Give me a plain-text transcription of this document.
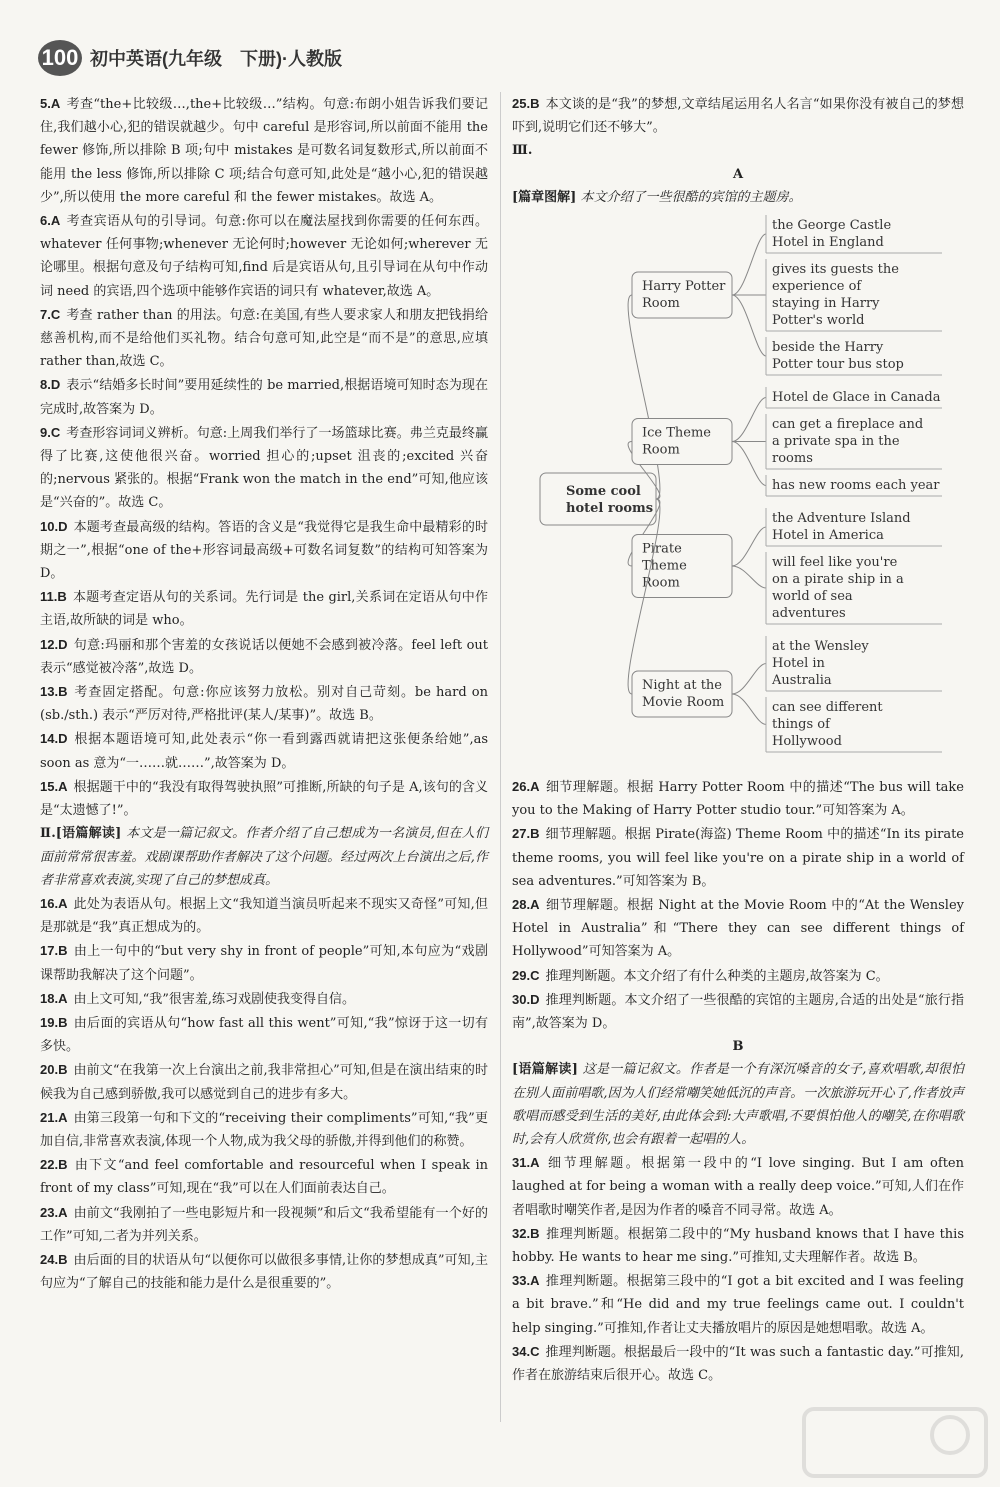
100 初中英语(九年级　下册)·人教版

5.A 考查“the+比较级…,the+比较级…”结构。句意:布朗小姐告诉我们要记住,我们越小心,犯的错误就越少。句中 careful 是形容词,所以前面不能用 the fewer 修饰,所以排除 B 项;句中 mistakes 是可数名词复数形式,所以前面不能用 the less 修饰,所以排除 C 项;结合句意可知,此处是“越小心,犯的错误越少”,所以使用 the more careful 和 the fewer mistakes。故选 A。

6.A 考查宾语从句的引导词。句意:你可以在魔法屋找到你需要的任何东西。whatever 任何事物;whenever 无论何时;however 无论如何;wherever 无论哪里。根据句意及句子结构可知,find 后是宾语从句,且引导词在从句中作动词 need 的宾语,四个选项中能够作宾语的词只有 whatever,故选 A。

7.C 考查 rather than 的用法。句意:在美国,有些人要求家人和朋友把钱捐给慈善机构,而不是给他们买礼物。结合句意可知,此空是“而不是”的意思,应填 rather than,故选 C。

8.D 表示“结婚多长时间”要用延续性的 be married,根据语境可知时态为现在完成时,故答案为 D。

9.C 考查形容词词义辨析。句意:上周我们举行了一场篮球比赛。弗兰克最终赢得了比赛,这使他很兴奋。worried 担心的;upset 沮丧的;excited 兴奋的;nervous 紧张的。根据“Frank won the match in the end”可知,他应该是“兴奋的”。故选 C。

10.D 本题考查最高级的结构。答语的含义是“我觉得它是我生命中最精彩的时期之一”,根据“one of the+形容词最高级+可数名词复数”的结构可知答案为 D。

11.B 本题考查定语从句的关系词。先行词是 the girl,关系词在定语从句中作主语,故所缺的词是 who。

12.D 句意:玛丽和那个害羞的女孩说话以便她不会感到被冷落。feel left out 表示“感觉被冷落”,故选 D。

13.B 考查固定搭配。句意:你应该努力放松。别对自己苛刻。be hard on (sb./sth.) 表示“严厉对待,严格批评(某人/某事)”。故选 B。

14.D 根据本题语境可知,此处表示“你一看到露西就请把这张便条给她”,as soon as 意为“一……就……”,故答案为 D。

15.A 根据题干中的“我没有取得驾驶执照”可推断,所缺的句子是 A,该句的含义是“太遗憾了!”。

Ⅱ.[语篇解读] 本文是一篇记叙文。作者介绍了自己想成为一名演员,但在人们面前常常很害羞。戏剧课帮助作者解决了这个问题。经过两次上台演出之后,作者非常喜欢表演,实现了自己的梦想成真。

16.A 此处为表语从句。根据上文“我知道当演员听起来不现实又奇怪”可知,但是那就是“我”真正想成为的。

17.B 由上一句中的“but very shy in front of people”可知,本句应为“戏剧课帮助我解决了这个问题”。

18.A 由上文可知,“我”很害羞,练习戏剧使我变得自信。

19.B 由后面的宾语从句“how fast all this went”可知,“我”惊讶于这一切有多快。

20.B 由前文“在我第一次上台演出之前,我非常担心”可知,但是在演出结束的时候我为自己感到骄傲,我可以感觉到自己的进步有多大。

21.A 由第三段第一句和下文的“receiving their compliments”可知,“我”更加自信,非常喜欢表演,体现一个人物,成为我父母的骄傲,并得到他们的称赞。

22.B 由下文“and feel comfortable and resourceful when I speak in front of my class”可知,现在“我”可以在人们面前表达自己。

23.A 由前文“我刚拍了一些电影短片和一段视频”和后文“我希望能有一个好的工作”可知,二者为并列关系。

24.B 由后面的目的状语从句“以便你可以做很多事情,让你的梦想成真”可知,主句应为“了解自己的技能和能力是什么是很重要的”。

25.B 本文谈的是“我”的梦想,文章结尾运用名人名言“如果你没有被自己的梦想吓到,说明它们还不够大”。

Ⅲ.

A

[篇章图解] 本文介绍了一些很酷的宾馆的主题房。

Some cool hotel rooms
Harry Potter Room
the George Castle Hotel in England
gives its guests the experience of staying in Harry Potter's world
beside the Harry Potter tour bus stop
Ice Theme Room
Hotel de Glace in Canada
can get a fireplace and a private spa in the rooms
has new rooms each year
Pirate Theme Room
the Adventure Island Hotel in America
will feel like you're on a pirate ship in a world of sea adventures
Night at the Movie Room
at the Wensley Hotel in Australia
can see different things of Hollywood

26.A 细节理解题。根据 Harry Potter Room 中的描述“The bus will take you to the Making of Harry Potter studio tour.”可知答案为 A。

27.B 细节理解题。根据 Pirate(海盗) Theme Room 中的描述“In its pirate theme rooms, you will feel like you're on a pirate ship in a world of sea adventures.”可知答案为 B。

28.A 细节理解题。根据 Night at the Movie Room 中的“At the Wensley Hotel in Australia”和“There they can see different things of Hollywood”可知答案为 A。

29.C 推理判断题。本文介绍了有什么种类的主题房,故答案为 C。

30.D 推理判断题。本文介绍了一些很酷的宾馆的主题房,合适的出处是“旅行指南”,故答案为 D。

B

[语篇解读] 这是一篇记叙文。作者是一个有深沉嗓音的女子,喜欢唱歌,却很怕在别人面前唱歌,因为人们经常嘲笑她低沉的声音。一次旅游玩开心了,作者放声歌唱而感受到生活的美好,由此体会到:大声歌唱,不要惧怕他人的嘲笑,在你唱歌时,会有人欣赏你,也会有跟着一起唱的人。

31.A 细节理解题。根据第一段中的“I love singing. But I am often laughed at for being a woman with a really deep voice.”可知,人们在作者唱歌时嘲笑作者,是因为作者的嗓音不同寻常。故选 A。

32.B 推理判断题。根据第二段中的“My husband knows that I have this hobby. He wants to hear me sing.”可推知,丈夫理解作者。故选 B。

33.A 推理判断题。根据第三段中的“I got a bit excited and I was feeling a bit brave.”和“He did and my true feelings came out. I couldn't help singing.”可推知,作者让丈夫播放唱片的原因是她想唱歌。故选 A。

34.C 推理判断题。根据最后一段中的“It was such a fantastic day.”可推知,作者在旅游结束后很开心。故选 C。
